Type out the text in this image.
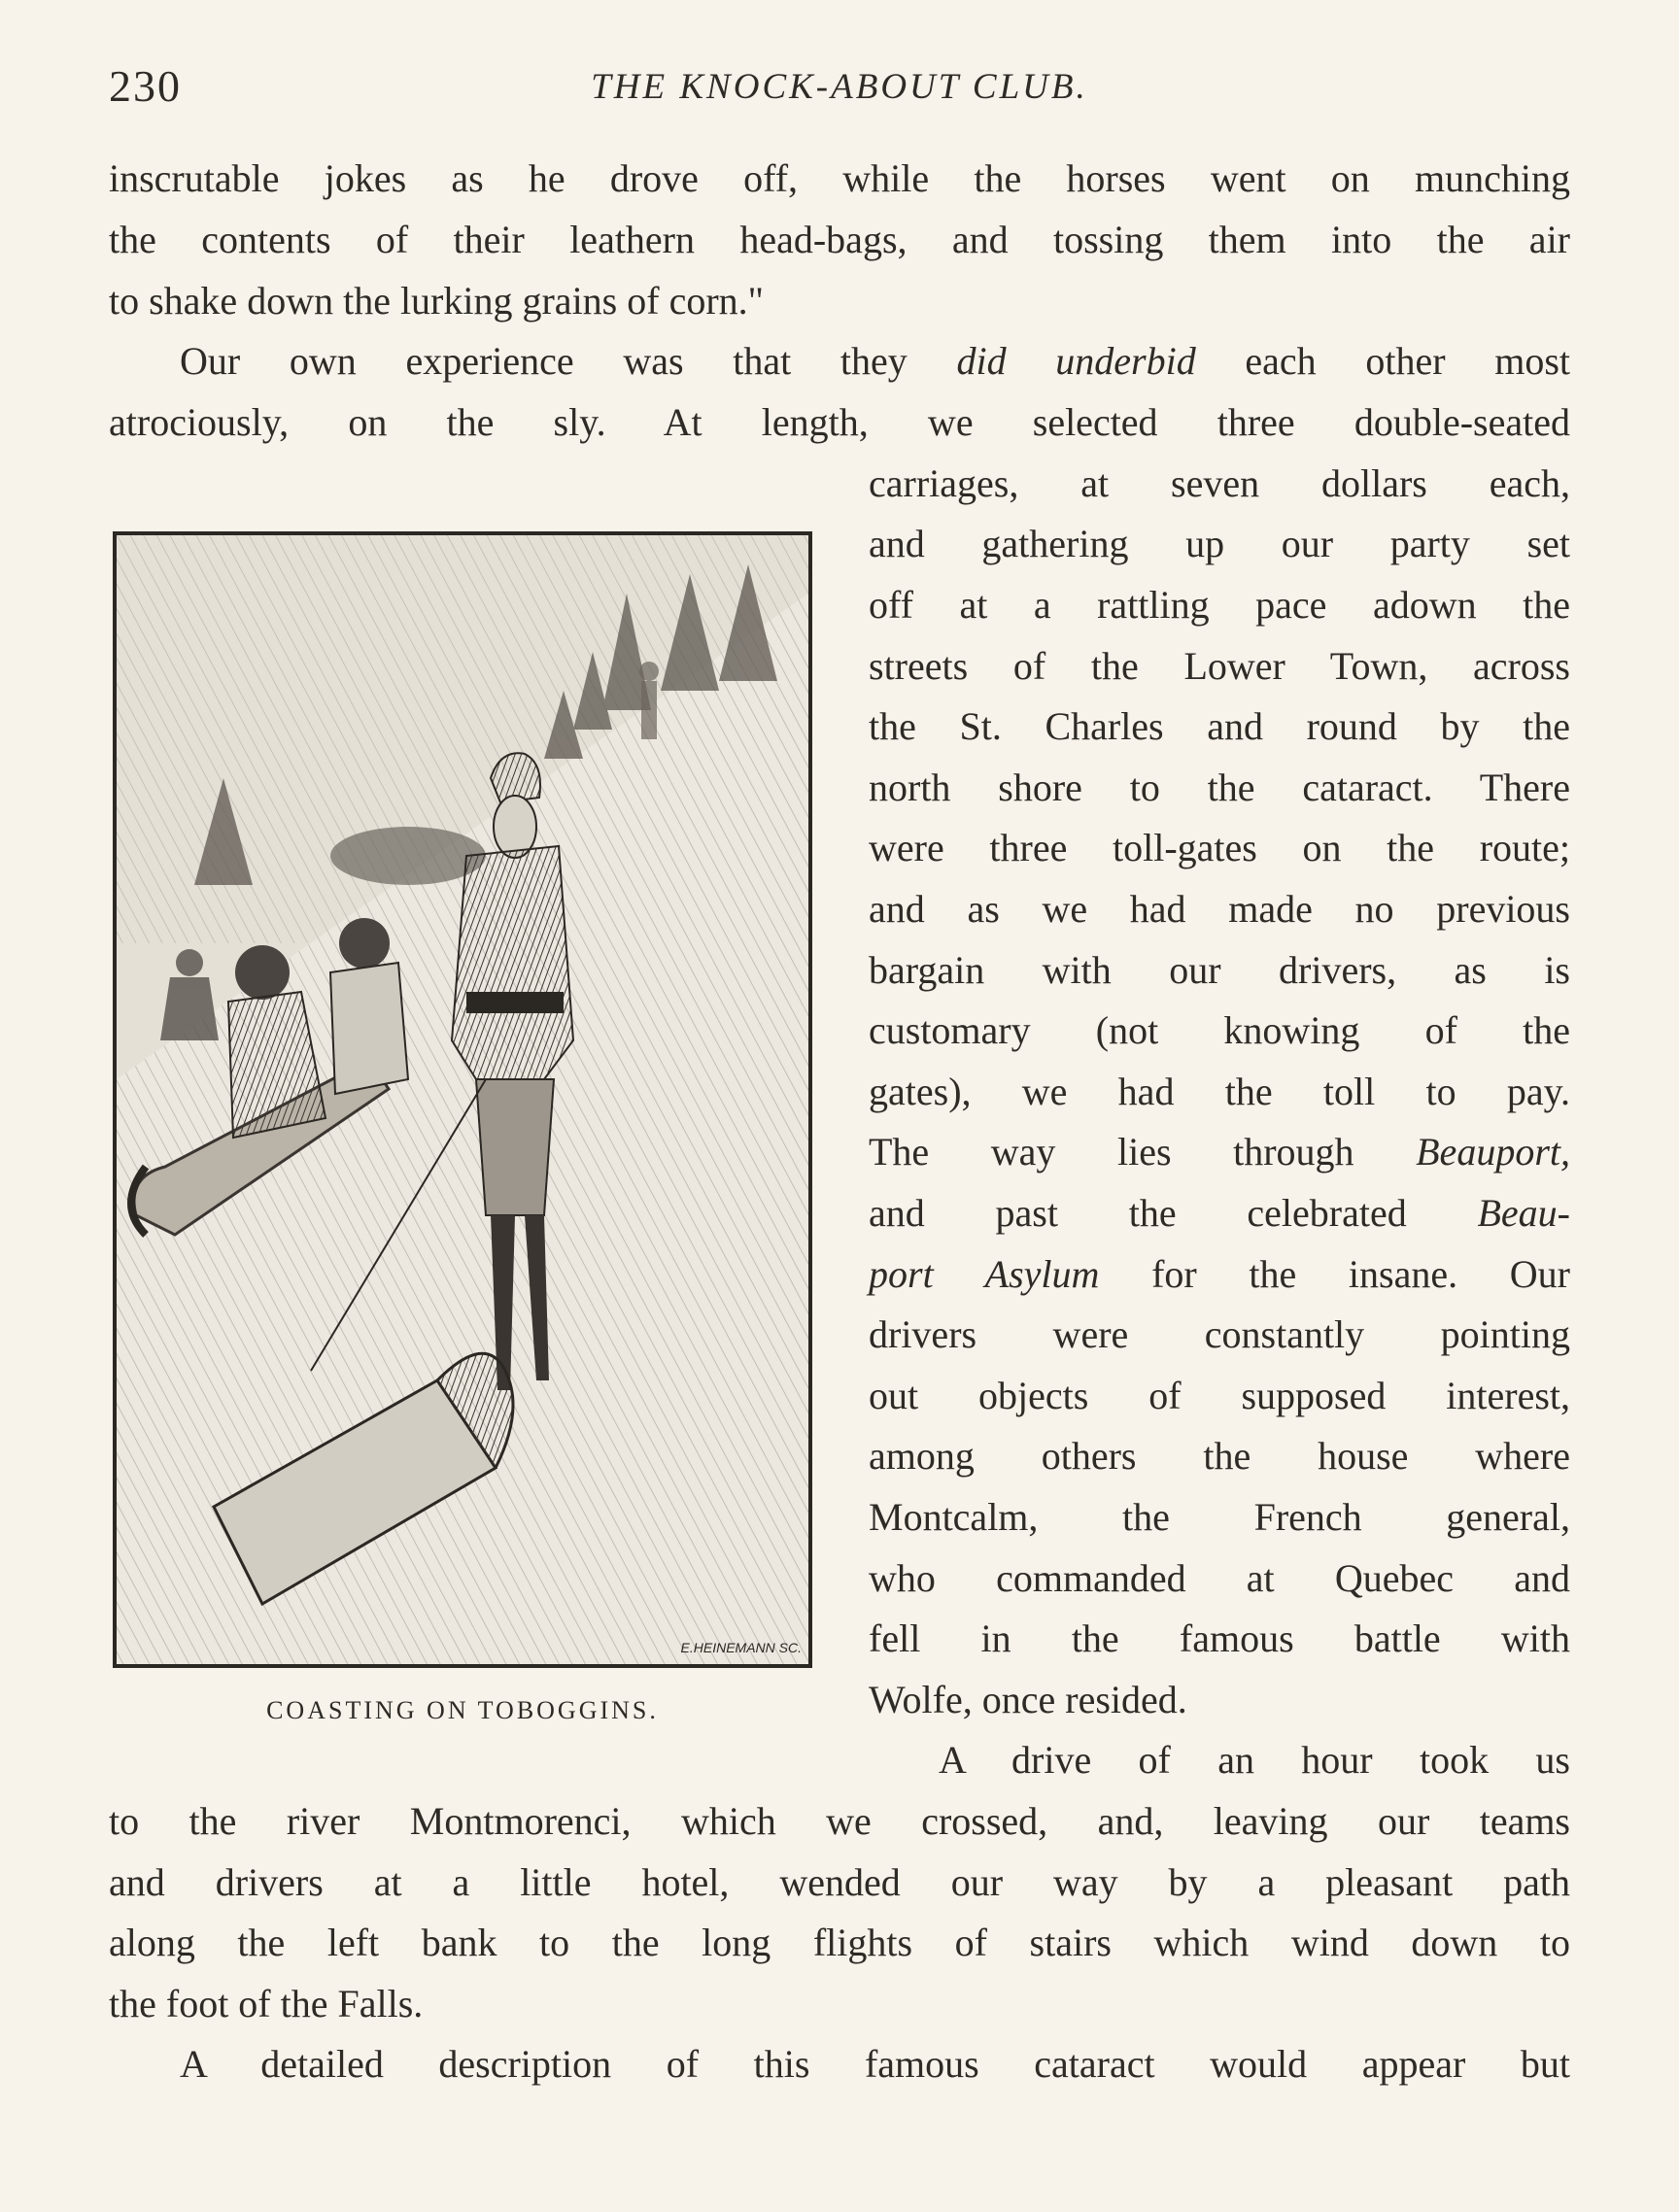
230	THE KNOCK-ABOUT CLUB.
inscrutable jokes as he drove off, while the horses went on munching
the contents of their leathern head-bags, and tossing them into the air
to shake down the lurking grains of corn."
Our own experience was that they did underbid each other most
atrociously, on the sly. At length, we selected three double-seated
carriages, at seven dollars each,
and gathering up our party set
off at a rattling pace adown the
streets of the Lower Town, across
the St. Charles and round by the
north shore to the cataract. There
were three toll-gates on the route;
and as we had made no previous
bargain with our drivers, as is
customary (not knowing of the
gates), we had the toll to pay.
The way lies through Beauport,
and past the celebrated Beau-
port Asylum for the insane. Our
drivers were constantly pointing
out objects of supposed interest,
among others the house where
Montcalm, the French general,
who commanded at Quebec and
fell in the famous battle with
Wolfe, once resided.
A drive of an hour took us
to the river Montmorenci, which we crossed, and, leaving our teams
and drivers at a little hotel, wended our way by a pleasant path
along the left bank to the long flights of stairs which wind down to
the foot of the Falls.
A detailed description of this famous cataract would appear but
E.HEINEMANN SC.
COASTING ON TOBOGGINS.
